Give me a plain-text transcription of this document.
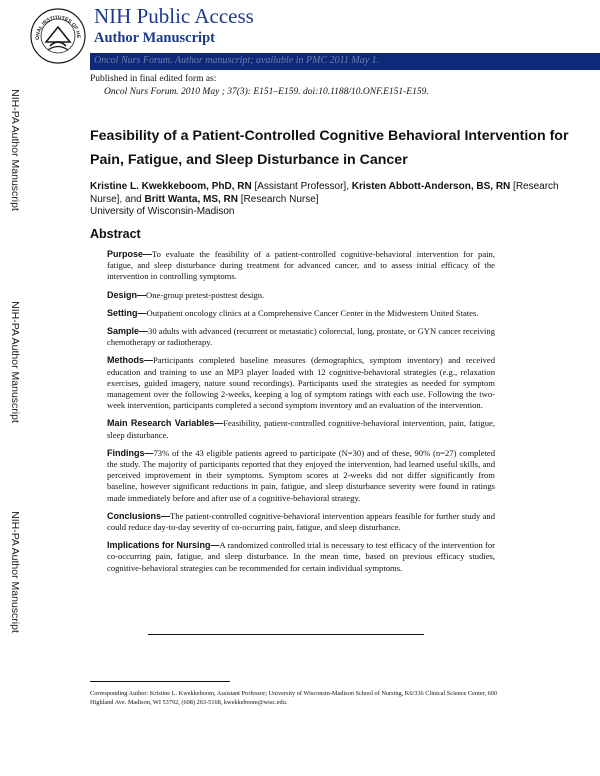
NIH-PA Author Manuscript
NIH-PA Author Manuscript
NIH-PA Author Manuscript
ONAL INSTITUTES OF HE
NIH Public Access
Author Manuscript
Oncol Nurs Forum. Author manuscript; available in PMC 2011 May 1.
Published in final edited form as:
Oncol Nurs Forum. 2010 May ; 37(3): E151–E159. doi:10.1188/10.ONF.E151-E159.
Feasibility of a Patient-Controlled Cognitive Behavioral Intervention for Pain, Fatigue, and Sleep Disturbance in Cancer
Kristine L. Kwekkeboom, PhD, RN [Assistant Professor], Kristen Abbott-Anderson, BS, RN [Research Nurse], and Britt Wanta, MS, RN [Research Nurse]
University of Wisconsin-Madison
Abstract

Purpose—To evaluate the feasibility of a patient-controlled cognitive-behavioral intervention for pain, fatigue, and sleep disturbance during treatment for advanced cancer, and to assess initial efficacy of the intervention in controlling symptoms.

Design—One-group pretest-posttest design.

Setting—Outpatient oncology clinics at a Comprehensive Cancer Center in the Midwestern United States.

Sample—30 adults with advanced (recurrent or metastatic) colorectal, lung, prostate, or GYN cancer receiving chemotherapy or radiotherapy.

Methods—Participants completed baseline measures (demographics, symptom inventory) and received education and training to use an MP3 player loaded with 12 cognitive-behavioral strategies (e.g., relaxation exercises, guided imagery, nature sound recordings). Participants used the strategies as needed for symptom management over the following 2-weeks, keeping a log of symptom ratings with each use. Following the two-week intervention, participants completed a second symptom inventory and an evaluation of the intervention.

Main Research Variables—Feasibility, patient-controlled cognitive-behavioral intervention, pain, fatigue, sleep disturbance.

Findings—73% of the 43 eligible patients agreed to participate (N=30) and of these, 90% (n=27) completed the study. The majority of participants reported that they enjoyed the intervention, had learned useful skills, and perceived improvement in their symptoms. Symptom scores at 2-weeks did not differ significantly from baseline, however significant reductions in pain, fatigue, and sleep disturbance severity were found in ratings made immediately before and after use of a cognitive-behavioral strategy.

Conclusions—The patient-controlled cognitive-behavioral intervention appears feasible for further study and could reduce day-to-day severity of co-occurring pain, fatigue, and sleep disturbance.

Implications for Nursing—A randomized controlled trial is necessary to test efficacy of the intervention for co-occurring pain, fatigue, and sleep disturbance. In the mean time, based on previous efficacy studies, cognitive-behavioral strategies can be recommended for certain individual symptoms.

Corresponding Author: Kristine L. Kwekkeboom, Assistant Professor; University of Wisconsin-Madison School of Nursing, K6/336 Clinical Science Center, 600 Highland Ave. Madison, WI 53792, (608) 263-5168, kwekkeboom@wisc.edu.
